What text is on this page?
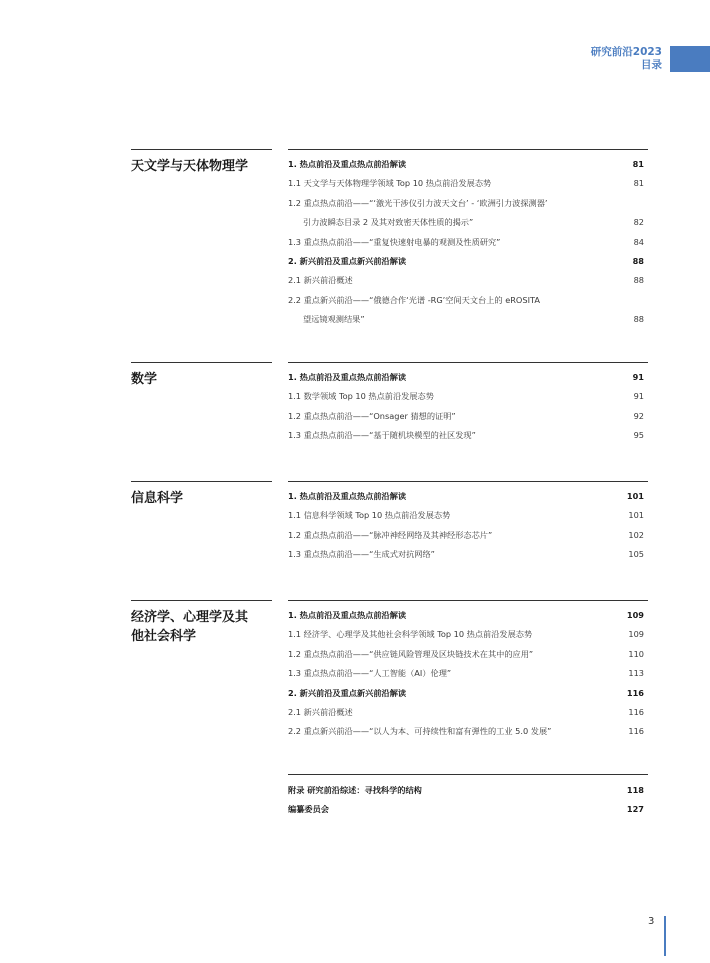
研究前沿2023
目录
天文学与天体物理学	1. 热点前沿及重点热点前沿解读	81
1.1 天文学与天体物理学领域 Top 10 热点前沿发展态势	81
1.2 重点热点前沿——“‘激光干涉仪引力波天文台’ - ‘欧洲引力波探测器’
引力波瞬态目录 2 及其对致密天体性质的揭示”	82
1.3 重点热点前沿——“重复快速射电暴的观测及性质研究”	84
2. 新兴前沿及重点新兴前沿解读	88
2.1 新兴前沿概述	88
2.2 重点新兴前沿——“俄德合作‘光谱 -RG’空间天文台上的 eROSITA
望远镜观测结果”	88
数学	1. 热点前沿及重点热点前沿解读	91
1.1 数学领域 Top 10 热点前沿发展态势	91
1.2 重点热点前沿——“Onsager 猜想的证明”	92
1.3 重点热点前沿——“基于随机块模型的社区发现”	95
信息科学	1. 热点前沿及重点热点前沿解读	101
1.1 信息科学领域 Top 10 热点前沿发展态势	101
1.2 重点热点前沿——“脉冲神经网络及其神经形态芯片”	102
1.3 重点热点前沿——“生成式对抗网络”	105
经济学、心理学及其他社会科学
1. 热点前沿及重点热点前沿解读	109
1.1 经济学、心理学及其他社会科学领域 Top 10 热点前沿发展态势	109
1.2 重点热点前沿——“供应链风险管理及区块链技术在其中的应用”	110
1.3 重点热点前沿——“人工智能（AI）伦理”	113
2. 新兴前沿及重点新兴前沿解读	116
2.1 新兴前沿概述	116
2.2 重点新兴前沿——“以人为本、可持续性和富有弹性的工业 5.0 发展”	116
附录 研究前沿综述：寻找科学的结构	118
编纂委员会	127
3
